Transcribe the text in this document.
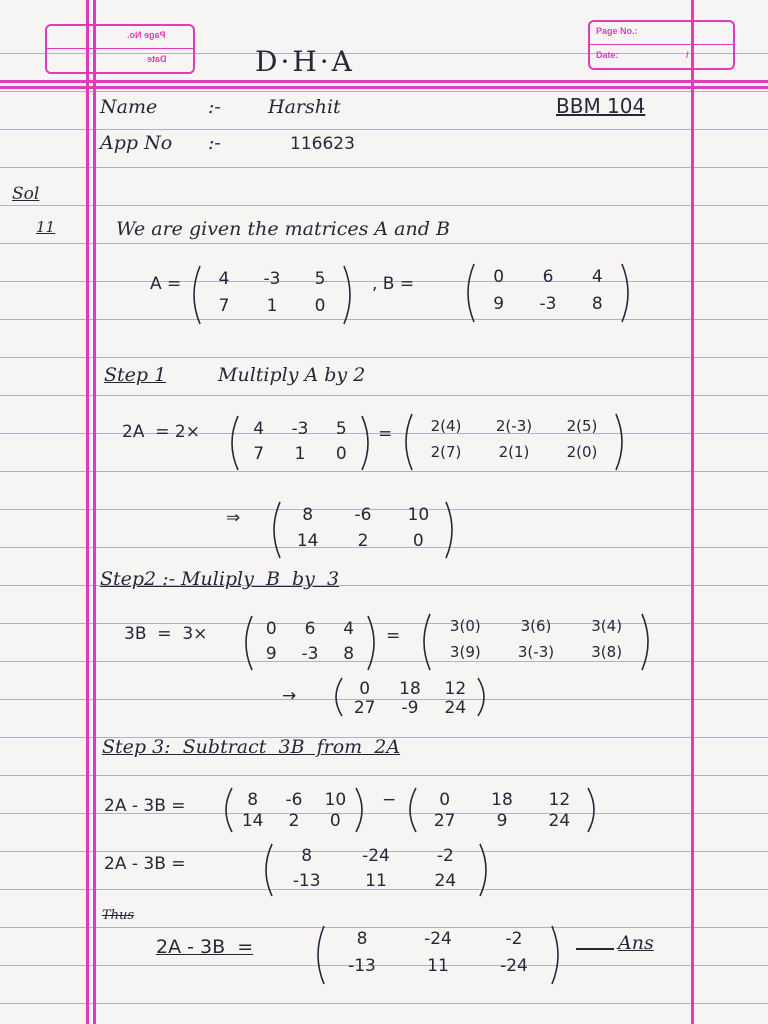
Page No.
Date
Page No.:
Date:	/
D·H·A
Name	:- Harshit	BBM 104
App No :-	116623
Sol
11	We are given the matrices A and B
A =	4	-3	5
7	1	0
, B =	0	6	4
9	-3	8
Step 1	Multiply A by 2
2A  = 2×	4	-3	5
7	1	0
=	2(4)	2(-3)	2(5)
2(7)	2(1)	2(0)
⇒	8	-6	10
14	2	0
Step2 :- Muliply  B  by  3
3B  =  3×	0	6	4
9	-3	8
=
3(0)	3(6)	3(4)
3(9)	3(-3)	3(8)
→	0	18	12
27	-9	24
Step 3:  Subtract  3B  from  2A
2A - 3B =	8	-6	10
14	2	0
−	0	18	12
27	9	24
2A - 3B =	8	-24	-2
-13	11	24
Thus
2A - 3B  =	8	-24	-2
-13	11	-24
Ans
